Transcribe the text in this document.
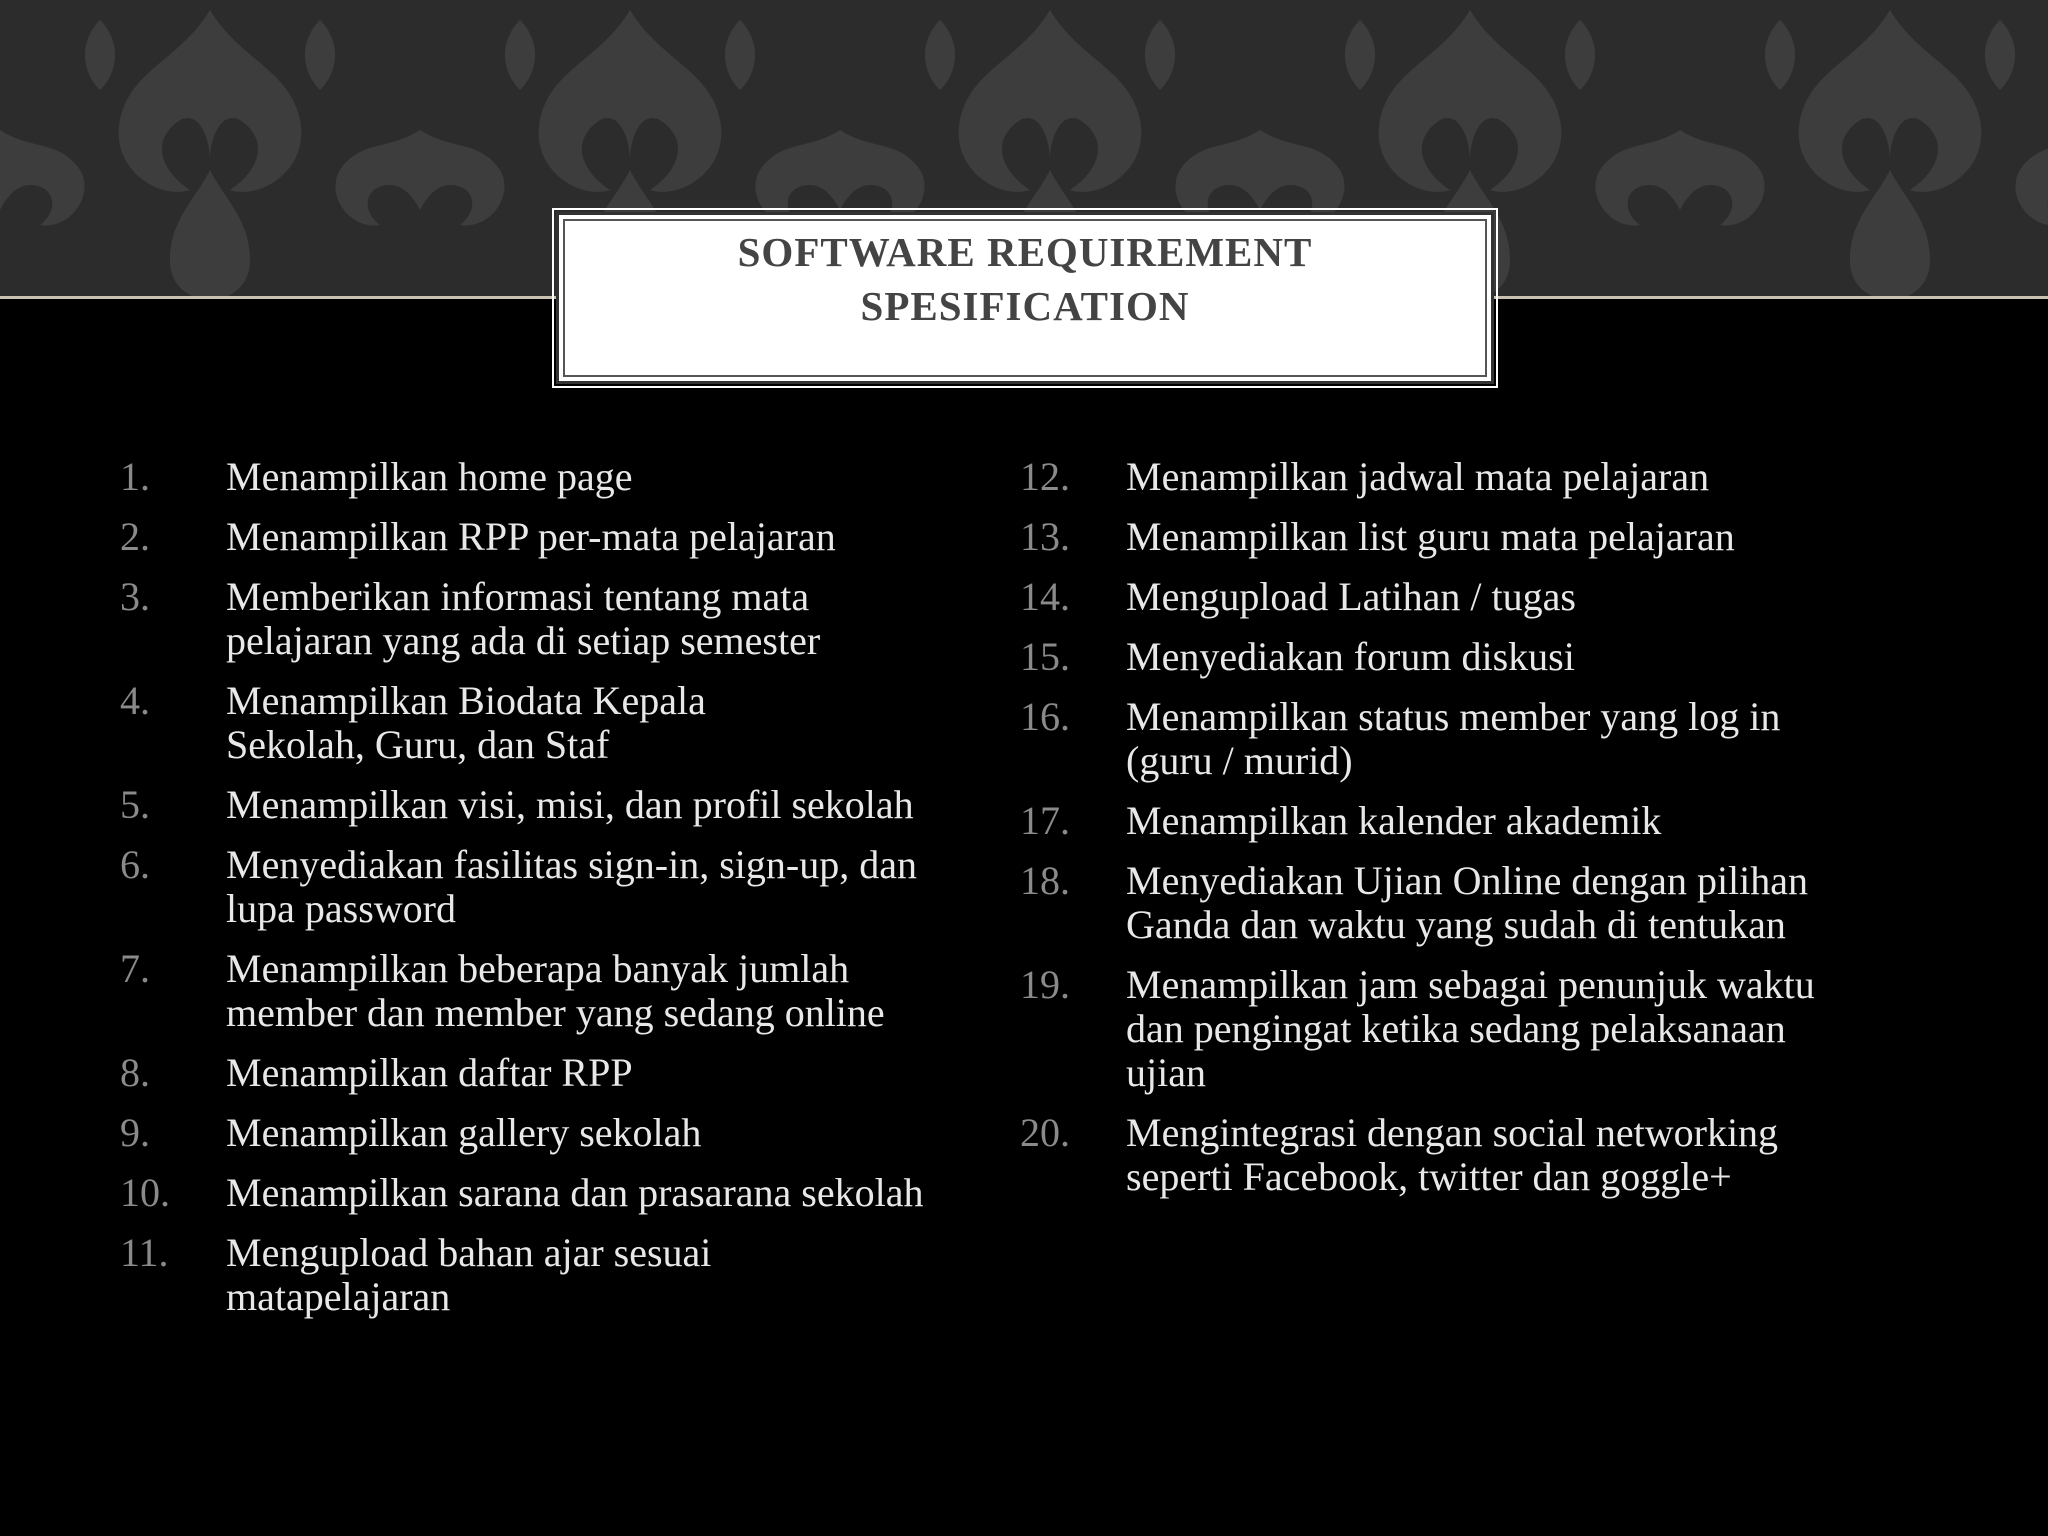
SOFTWARE REQUIREMENT
SPESIFICATION
1.	Menampilkan home page
2.	Menampilkan RPP per-mata pelajaran
3.	Memberikan informasi tentang mata
pelajaran yang ada di setiap semester
4.	Menampilkan Biodata Kepala
Sekolah, Guru, dan Staf
5.	Menampilkan visi, misi, dan profil sekolah
6.	Menyediakan fasilitas sign-in, sign-up, dan
lupa password
7.	Menampilkan beberapa banyak jumlah
member dan member yang sedang online
8.	Menampilkan daftar RPP
9.	Menampilkan gallery sekolah
10.	Menampilkan sarana dan prasarana sekolah
11.	Mengupload bahan ajar sesuai
matapelajaran
12.	Menampilkan jadwal mata pelajaran
13.	Menampilkan list guru mata pelajaran
14.	Mengupload Latihan / tugas
15.	Menyediakan forum diskusi
16.	Menampilkan status member yang log in
(guru / murid)
17.	Menampilkan kalender akademik
18.	Menyediakan Ujian Online dengan pilihan
Ganda dan waktu yang sudah di tentukan
19.	Menampilkan jam sebagai penunjuk waktu
dan pengingat ketika sedang pelaksanaan
ujian
20.	Mengintegrasi dengan social networking
seperti Facebook, twitter dan goggle+
